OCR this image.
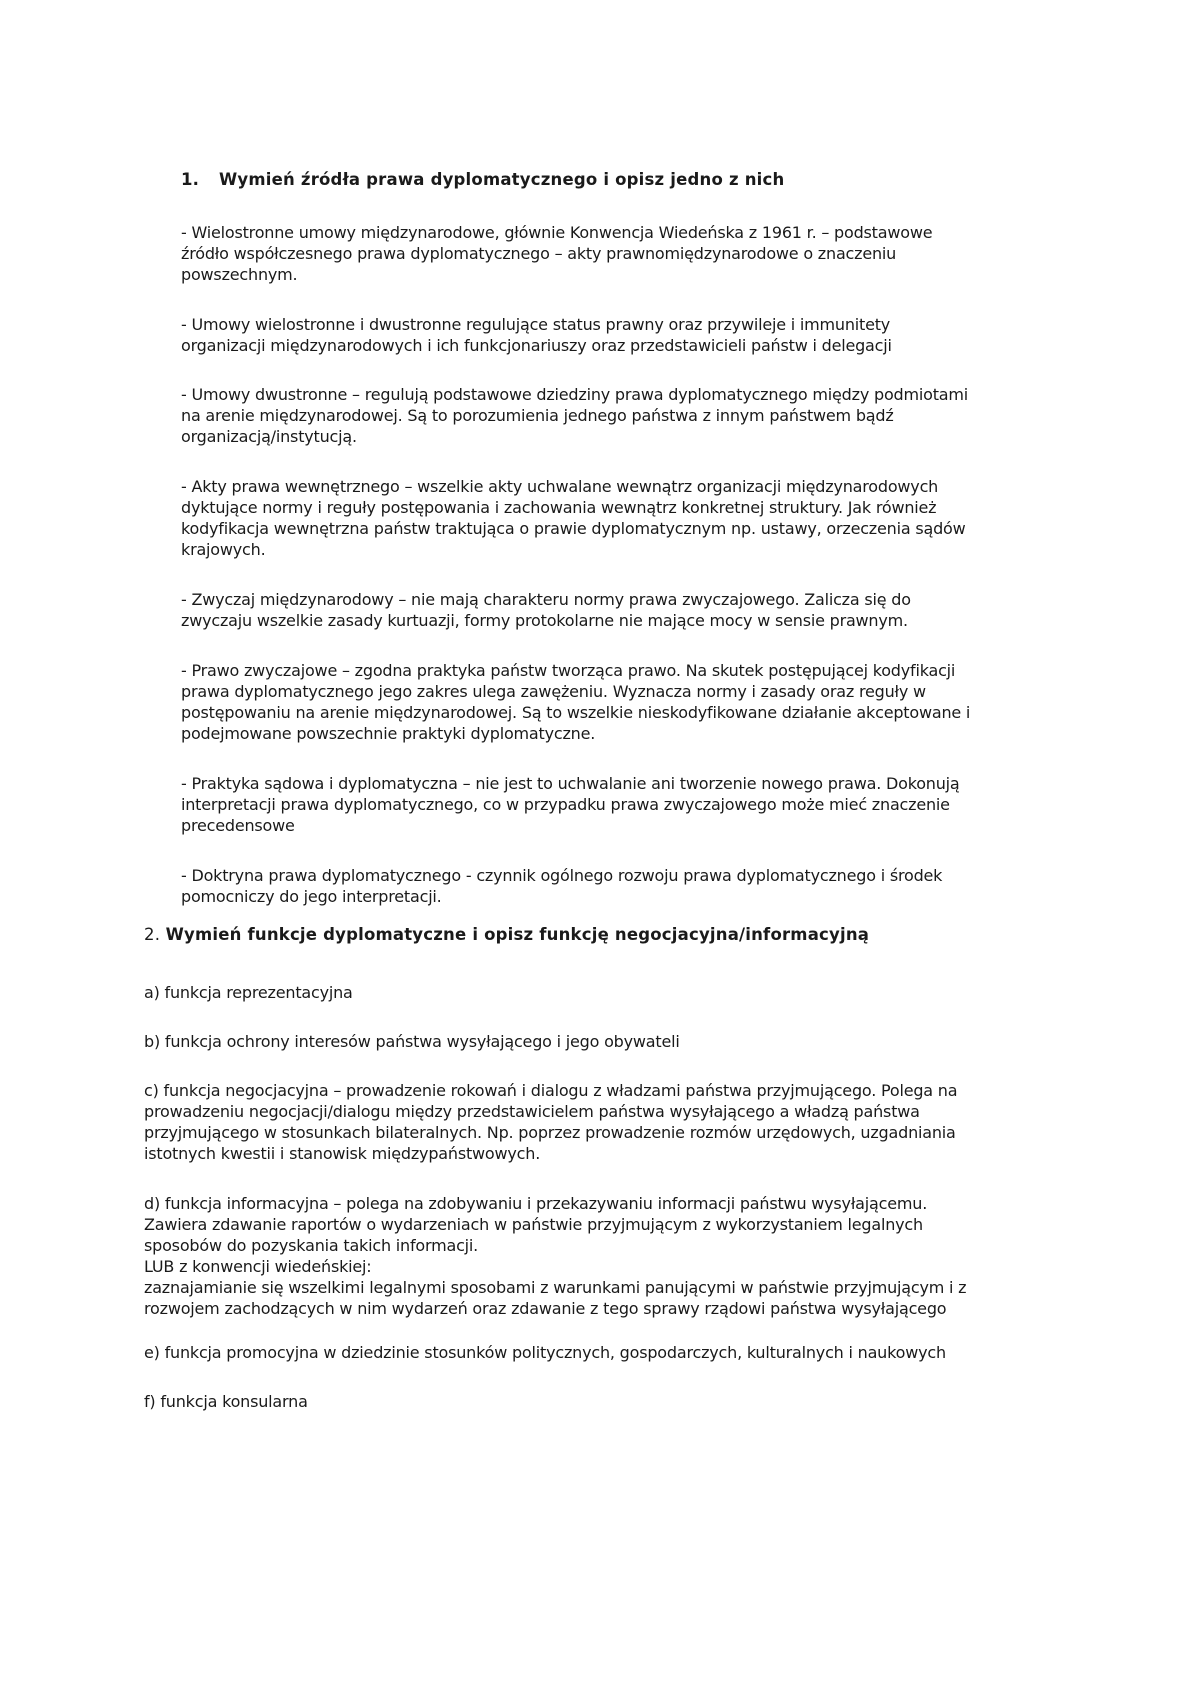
1. Wymień źródła prawa dyplomatycznego i opisz jedno z nich
- Wielostronne umowy międzynarodowe, głównie Konwencja Wiedeńska z 1961 r. – podstawowe
źródło współczesnego prawa dyplomatycznego – akty prawnomiędzynarodowe o znaczeniu
powszechnym.
- Umowy wielostronne i dwustronne regulujące status prawny oraz przywileje i immunitety
organizacji międzynarodowych i ich funkcjonariuszy oraz przedstawicieli państw i delegacji
- Umowy dwustronne – regulują podstawowe dziedziny prawa dyplomatycznego między podmiotami
na arenie międzynarodowej. Są to porozumienia jednego państwa z innym państwem bądź
organizacją/instytucją.
- Akty prawa wewnętrznego – wszelkie akty uchwalane wewnątrz organizacji międzynarodowych
dyktujące normy i reguły postępowania i zachowania wewnątrz konkretnej struktury. Jak również
kodyfikacja wewnętrzna państw traktująca o prawie dyplomatycznym np. ustawy, orzeczenia sądów
krajowych.
- Zwyczaj międzynarodowy – nie mają charakteru normy prawa zwyczajowego. Zalicza się do
zwyczaju wszelkie zasady kurtuazji, formy protokolarne nie mające mocy w sensie prawnym.
- Prawo zwyczajowe – zgodna praktyka państw tworząca prawo. Na skutek postępującej kodyfikacji
prawa dyplomatycznego jego zakres ulega zawężeniu. Wyznacza normy i zasady oraz reguły w
postępowaniu na arenie międzynarodowej. Są to wszelkie nieskodyfikowane działanie akceptowane i
podejmowane powszechnie praktyki dyplomatyczne.
- Praktyka sądowa i dyplomatyczna – nie jest to uchwalanie ani tworzenie nowego prawa. Dokonują
interpretacji prawa dyplomatycznego, co w przypadku prawa zwyczajowego może mieć znaczenie
precedensowe
- Doktryna prawa dyplomatycznego - czynnik ogólnego rozwoju prawa dyplomatycznego i środek
pomocniczy do jego interpretacji.
2. Wymień funkcje dyplomatyczne i opisz funkcję negocjacyjna/informacyjną
a) funkcja reprezentacyjna
b) funkcja ochrony interesów państwa wysyłającego i jego obywateli
c) funkcja negocjacyjna – prowadzenie rokowań i dialogu z władzami państwa przyjmującego. Polega na
prowadzeniu negocjacji/dialogu między przedstawicielem państwa wysyłającego a władzą państwa
przyjmującego w stosunkach bilateralnych. Np. poprzez prowadzenie rozmów urzędowych, uzgadniania
istotnych kwestii i stanowisk międzypaństwowych.
d) funkcja informacyjna – polega na zdobywaniu i przekazywaniu informacji państwu wysyłającemu.
Zawiera zdawanie raportów o wydarzeniach w państwie przyjmującym z wykorzystaniem legalnych
sposobów do pozyskania takich informacji.
LUB z konwencji wiedeńskiej:
zaznajamianie się wszelkimi legalnymi sposobami z warunkami panującymi w państwie przyjmującym i z
rozwojem zachodzących w nim wydarzeń oraz zdawanie z tego sprawy rządowi państwa wysyłającego
e) funkcja promocyjna w dziedzinie stosunków politycznych, gospodarczych, kulturalnych i naukowych
f) funkcja konsularna
